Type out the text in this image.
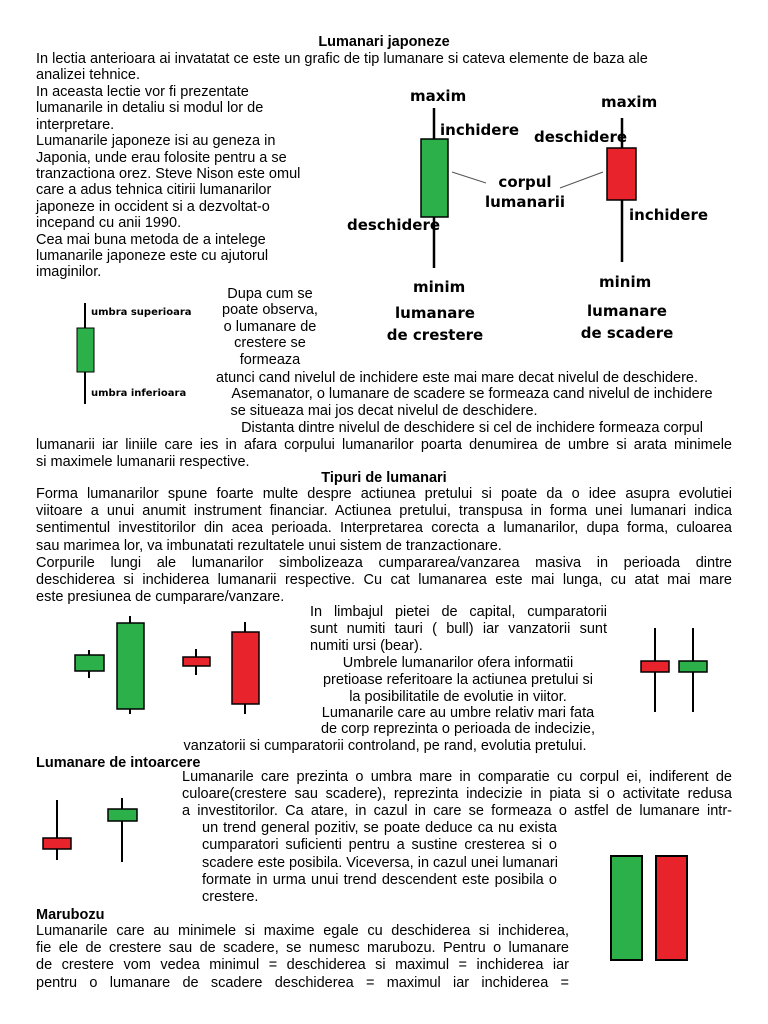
Lumanari japoneze
In lectia anterioara ai invatatat ce este un grafic de tip lumanare si cateva elemente de baza ale
analizei tehnice.
In aceasta lectie vor fi prezentate
lumanarile in detaliu si modul lor de
interpretare.
Lumanarile japoneze isi au geneza in
Japonia, unde erau folosite pentru a se
tranzactiona orez. Steve Nison este omul
care a adus tehnica citirii lumanarilor
japoneze in occident si a dezvoltat-o
incepand cu anii 1990.
Cea mai buna metoda de a intelege
lumanarile japoneze este cu ajutorul
imaginilor.
maxim
inchidere
deschidere
minim
lumanare
de crestere
corpul
lumanarii
maxim
deschidere
inchidere
minim
lumanare
de scadere
umbra superioara
umbra inferioara
Dupa cum se
poate observa,
o lumanare de
crestere se
formeaza
atunci cand nivelul de inchidere este mai mare decat nivelul de deschidere.
Asemanator, o lumanare de scadere se formeaza cand nivelul de inchidere
se situeaza mai jos decat nivelul de deschidere.
Distanta dintre nivelul de deschidere si cel de inchidere formeaza corpul
lumanarii iar liniile care ies in afara corpului lumanarilor poarta denumirea de umbre si arata minimele
si maximele lumanarii respective.
Tipuri de lumanari
Forma lumanarilor spune foarte multe despre actiunea pretului si poate da o idee asupra evolutiei
viitoare a unui anumit instrument financiar. Actiunea pretului, transpusa in forma unei lumanari indica
sentimentul investitorilor din acea perioada. Interpretarea corecta a lumanarilor, dupa forma, culoarea
sau marimea lor, va imbunatati rezultatele unui sistem de tranzactionare.
Corpurile lungi ale lumanarilor simbolizeaza cumpararea/vanzarea masiva in perioada dintre
deschiderea si inchiderea lumanarii respective. Cu cat lumanarea este mai lunga, cu atat mai mare
este presiunea de cumparare/vanzare.
In limbajul pietei de capital, cumparatorii
sunt numiti tauri ( bull) iar vanzatorii sunt
numiti ursi (bear).
Umbrele lumanarilor ofera informatii
pretioase referitoare la actiunea pretului si
la posibilitatile de evolutie in viitor.
Lumanarile care au umbre relativ mari fata
de corp reprezinta o perioada de indecizie,
vanzatorii si cumparatorii controland, pe rand, evolutia pretului.
Lumanare de intoarcere
Lumanarile care prezinta o umbra mare in comparatie cu corpul ei, indiferent de
culoare(crestere sau scadere), reprezinta indecizie in piata si o activitate redusa
a investitorilor. Ca atare, in cazul in care se formeaza o astfel de lumanare intr-
un trend general pozitiv, se poate deduce ca nu exista
cumparatori suficienti pentru a sustine cresterea si o
scadere este posibila. Viceversa, in cazul unei lumanari
formate in urma unui trend descendent este posibila o
crestere.
Marubozu
Lumanarile care au minimele si maxime egale cu deschiderea si inchiderea,
fie ele de crestere sau de scadere, se numesc marubozu. Pentru o lumanare
de crestere vom vedea minimul = deschiderea si maximul = inchiderea iar
pentru o lumanare de scadere deschiderea = maximul iar inchiderea =
